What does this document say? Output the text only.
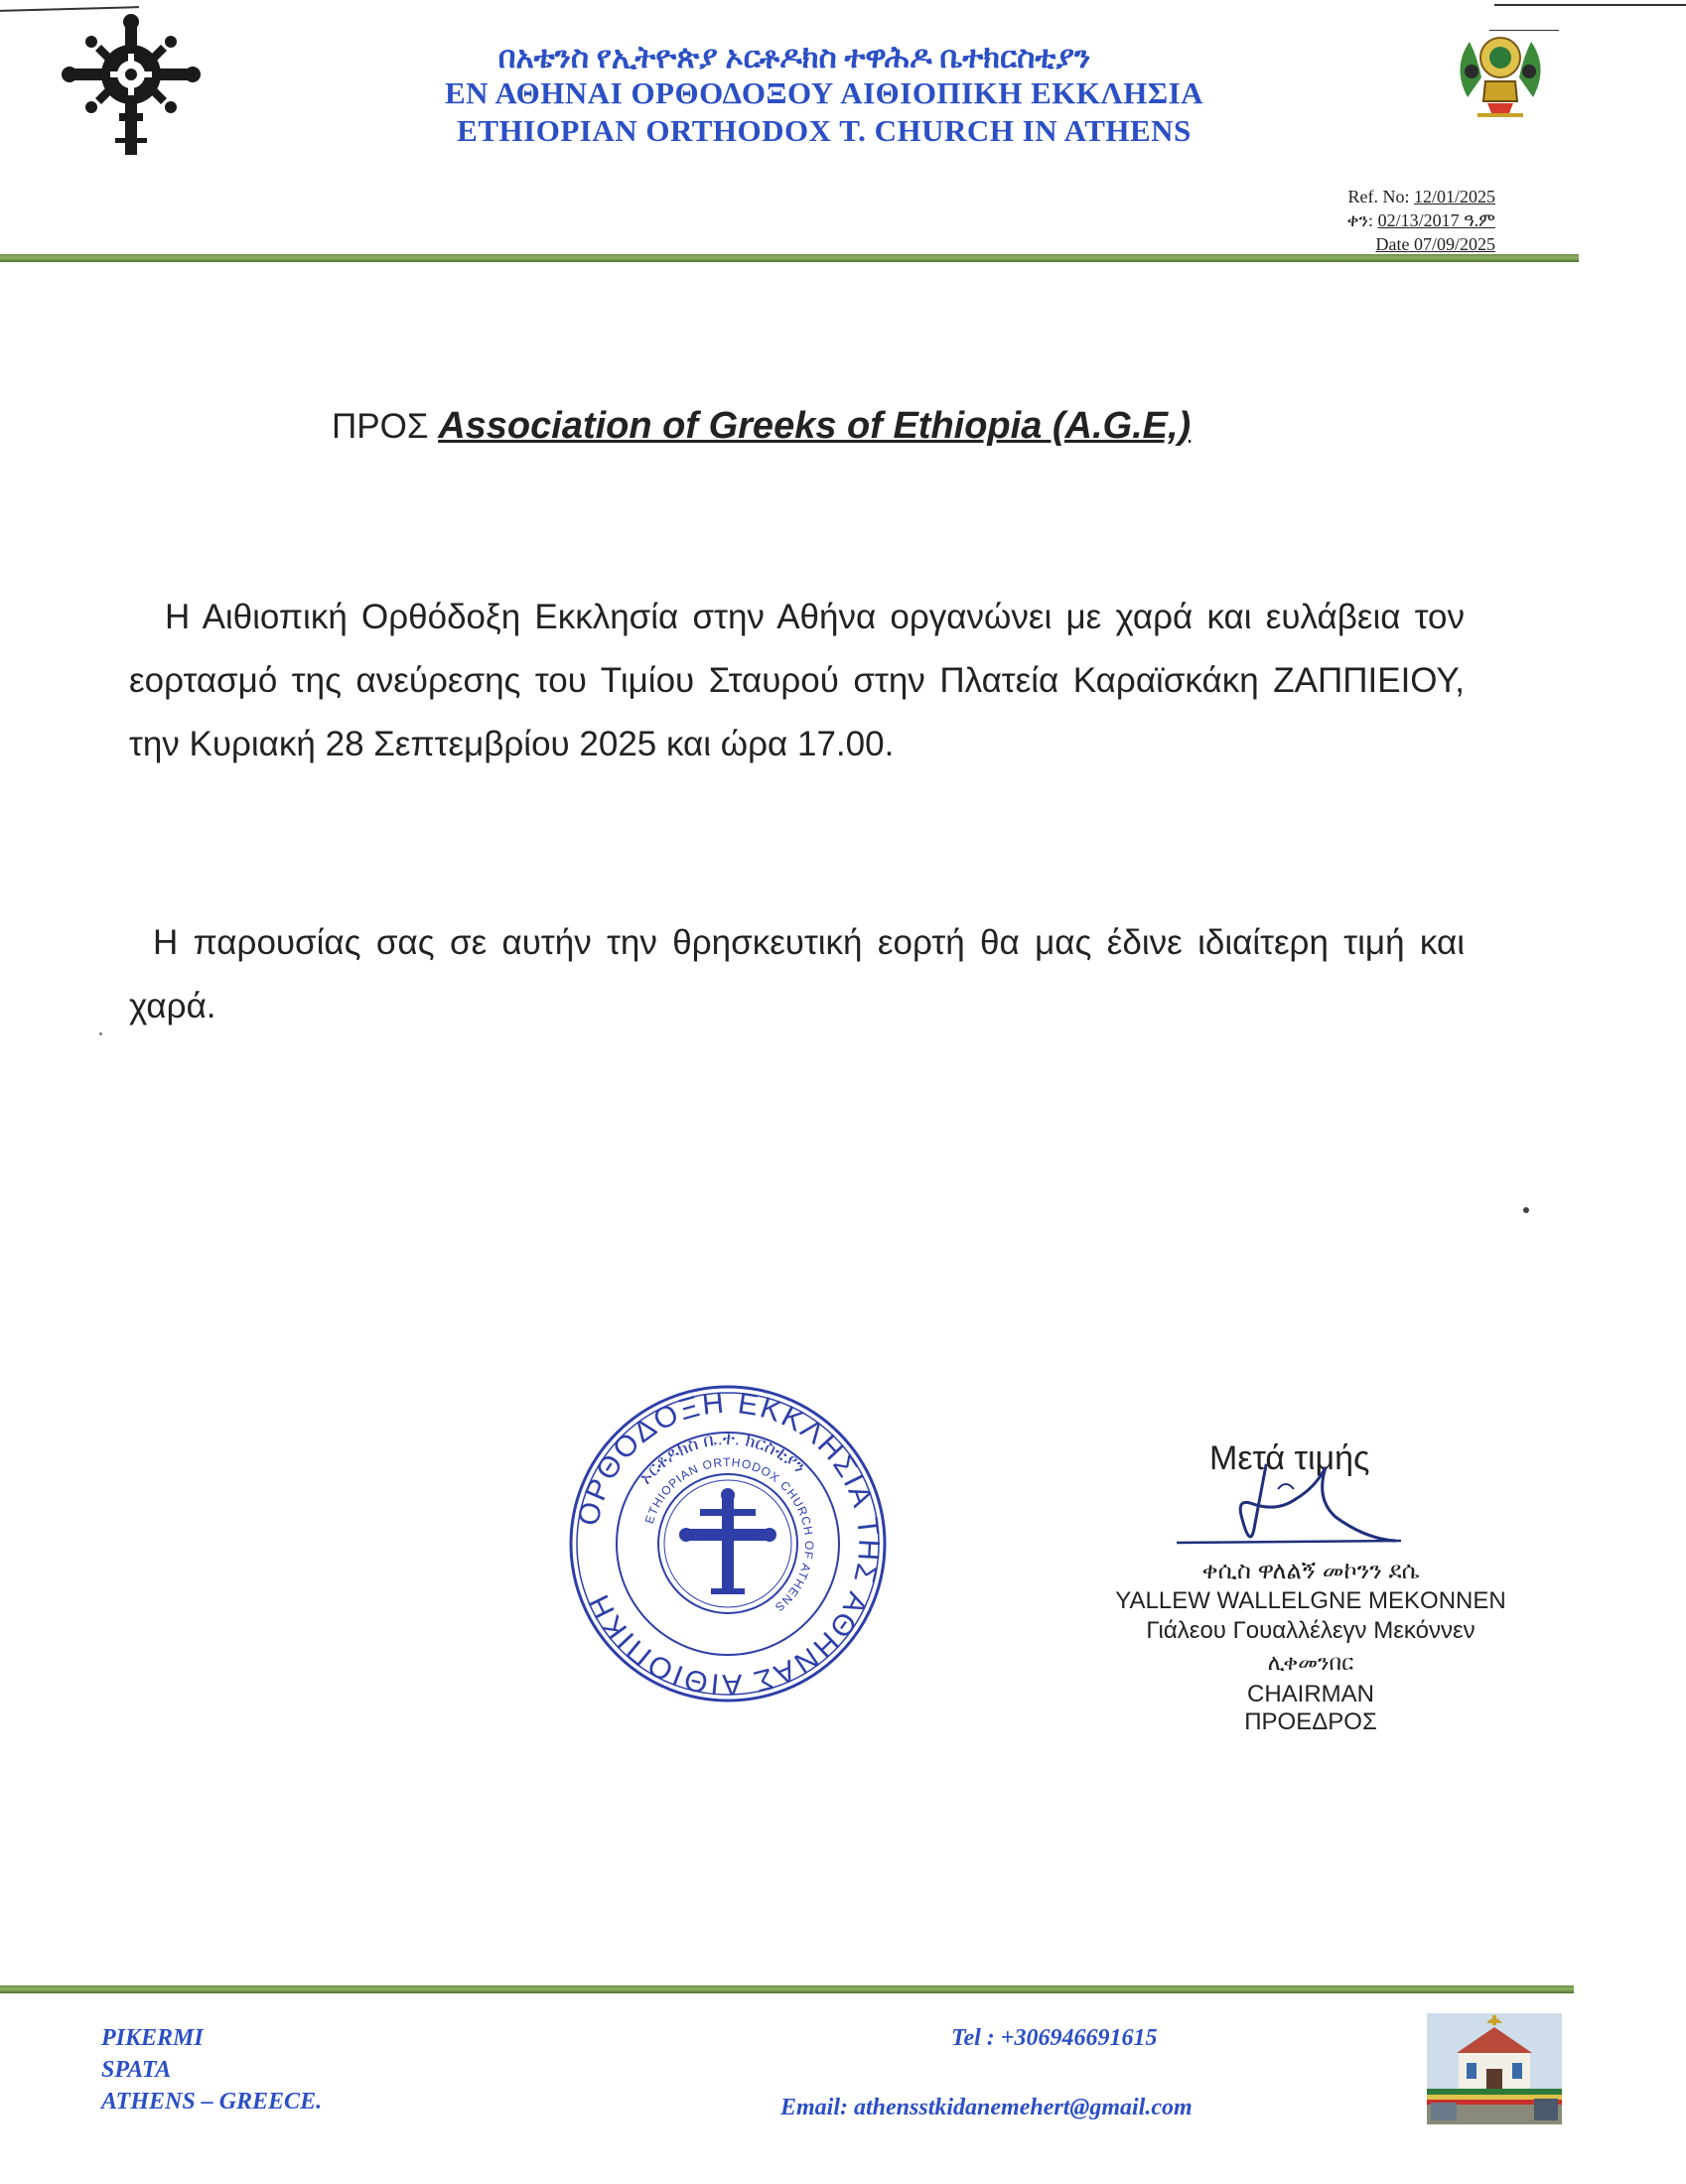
በአቴንስ የኢትዮጵያ ኦርቶዶክስ ተዋሕዶ ቤተክርስቲያን
ΕΝ ΑΘΗΝΑΙ ΟΡΘΟΔΟΞΟΥ ΑΙΘΙΟΠΙΚΗ ΕΚΚΛΗΣΙΑ
ETHIOPIAN ORTHODOX T. CHURCH IN ATHENS
Ref. No: 12/01/2025
ቀን: 02/13/2017 ዓ.ም
Date 07/09/2025
ΠΡΟΣ Association of Greeks of Ethiopia (A.G.E,)
Η Αιθιοπική Ορθόδοξη Εκκλησία στην Αθήνα οργανώνει με χαρά και ευλάβεια τον εορτασμό της ανεύρεσης του Τιμίου Σταυρού στην Πλατεία Καραϊσκάκη ΖΑΠΠΙΕΙΟΥ, την Κυριακή 28 Σεπτεμβρίου 2025 και ώρα 17.00.
Η παρουσίας σας σε αυτήν την θρησκευτική εορτή θα μας έδινε ιδιαίτερη τιμή και χαρά.
ΟΡΘΟΔΟΞΗ ΕΚΚΛΗΣΙΑ ΤΗΣ ΑΘΗΝΑΣ ΑΙΘΙΟΠΙΚΗ
ኦርቶዶክስ ቤ.ተ. ክርስቲያን
ETHIOPIAN ORTHODOX CHURCH OF ATHENS
Μετά τιμής
ቀሲስ ዋለልኝ መኮንን ደሴ
YALLEW WALLELGNE MEKONNEN
Γιάλεου Γουαλλέλεγν Μεκόννεν
ሊቀመንበር
CHAIRMAN
ΠΡΟΕΔΡΟΣ
PIKERMI
SPATA
ATHENS – GREECE.
Tel : +306946691615
Email: athensstkidanemehert@gmail.com
